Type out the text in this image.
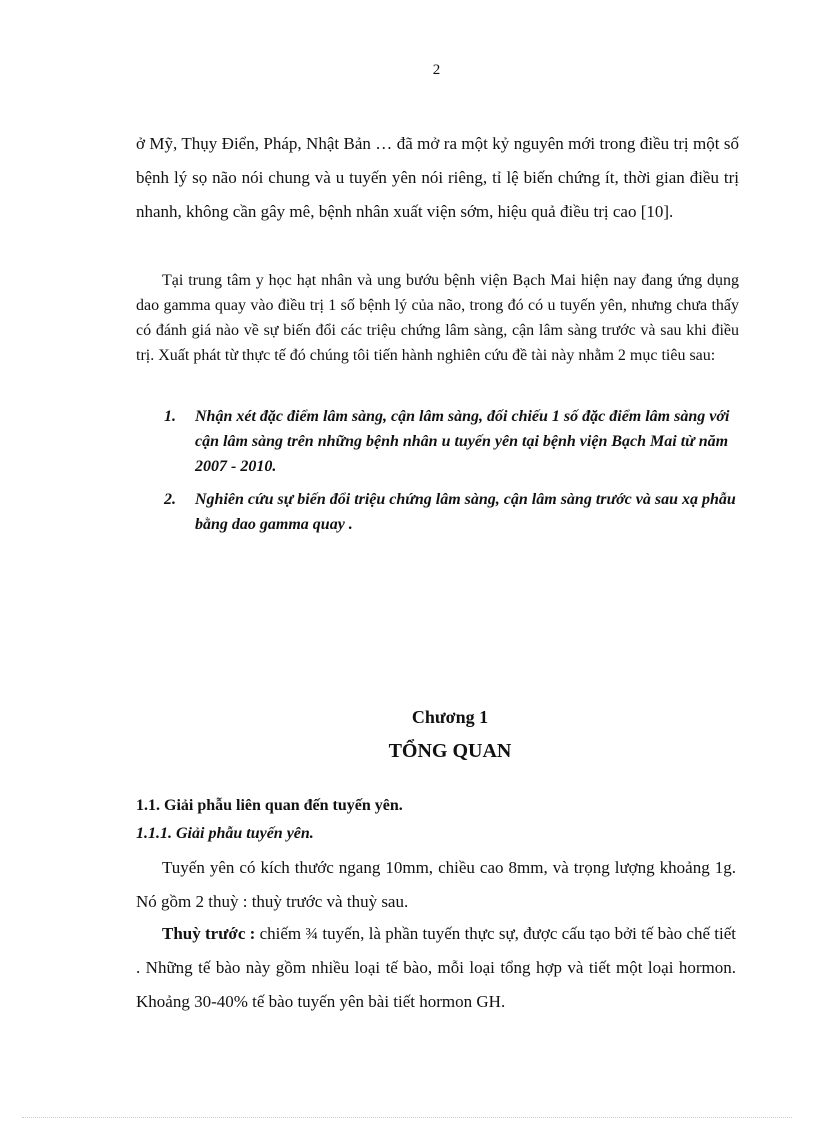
2
ở Mỹ, Thụy Điển, Pháp, Nhật Bản … đã mở ra một kỷ nguyên mới trong điều trị một số bệnh lý sọ não nói chung và u tuyến yên nói riêng, tỉ lệ biến chứng ít, thời gian điều trị nhanh, không cần gây mê, bệnh nhân xuất viện sớm, hiệu quả điều trị cao [10].
Tại trung tâm y học hạt nhân và ung bướu bệnh viện Bạch Mai hiện nay đang ứng dụng dao gamma quay vào điều trị 1 số bệnh lý của não, trong đó có u tuyến yên, nhưng chưa thấy có đánh giá nào về sự biến đổi các triệu chứng lâm sàng, cận lâm sàng trước và sau khi điều trị. Xuất phát từ thực tế đó chúng tôi tiến hành nghiên cứu đề tài này nhằm 2 mục tiêu sau:
1. Nhận xét đặc điểm lâm sàng, cận lâm sàng, đối chiếu 1 số đặc điểm lâm sàng với cận lâm sàng trên những bệnh nhân u tuyến yên tại bệnh viện Bạch Mai từ năm 2007 - 2010.
2. Nghiên cứu sự biến đổi triệu chứng lâm sàng, cận lâm sàng trước và sau xạ phẫu bằng dao gamma quay .
Chương 1
TỔNG QUAN
1.1. Giải phẫu liên quan đến tuyến yên.
1.1.1. Giải phẫu tuyến yên.
Tuyến yên có kích thước ngang 10mm, chiều cao 8mm, và trọng lượng khoảng 1g. Nó gồm 2 thuỳ : thuỳ trước và thuỳ sau.
Thuỳ trước : chiếm ¾ tuyến, là phần tuyến thực sự, được cấu tạo bởi tế bào chế tiết . Những tế bào này gồm nhiều loại tế bào, mỗi loại tổng hợp và tiết một loại hormon. Khoảng 30-40% tế bào tuyến yên bài tiết hormon GH.
